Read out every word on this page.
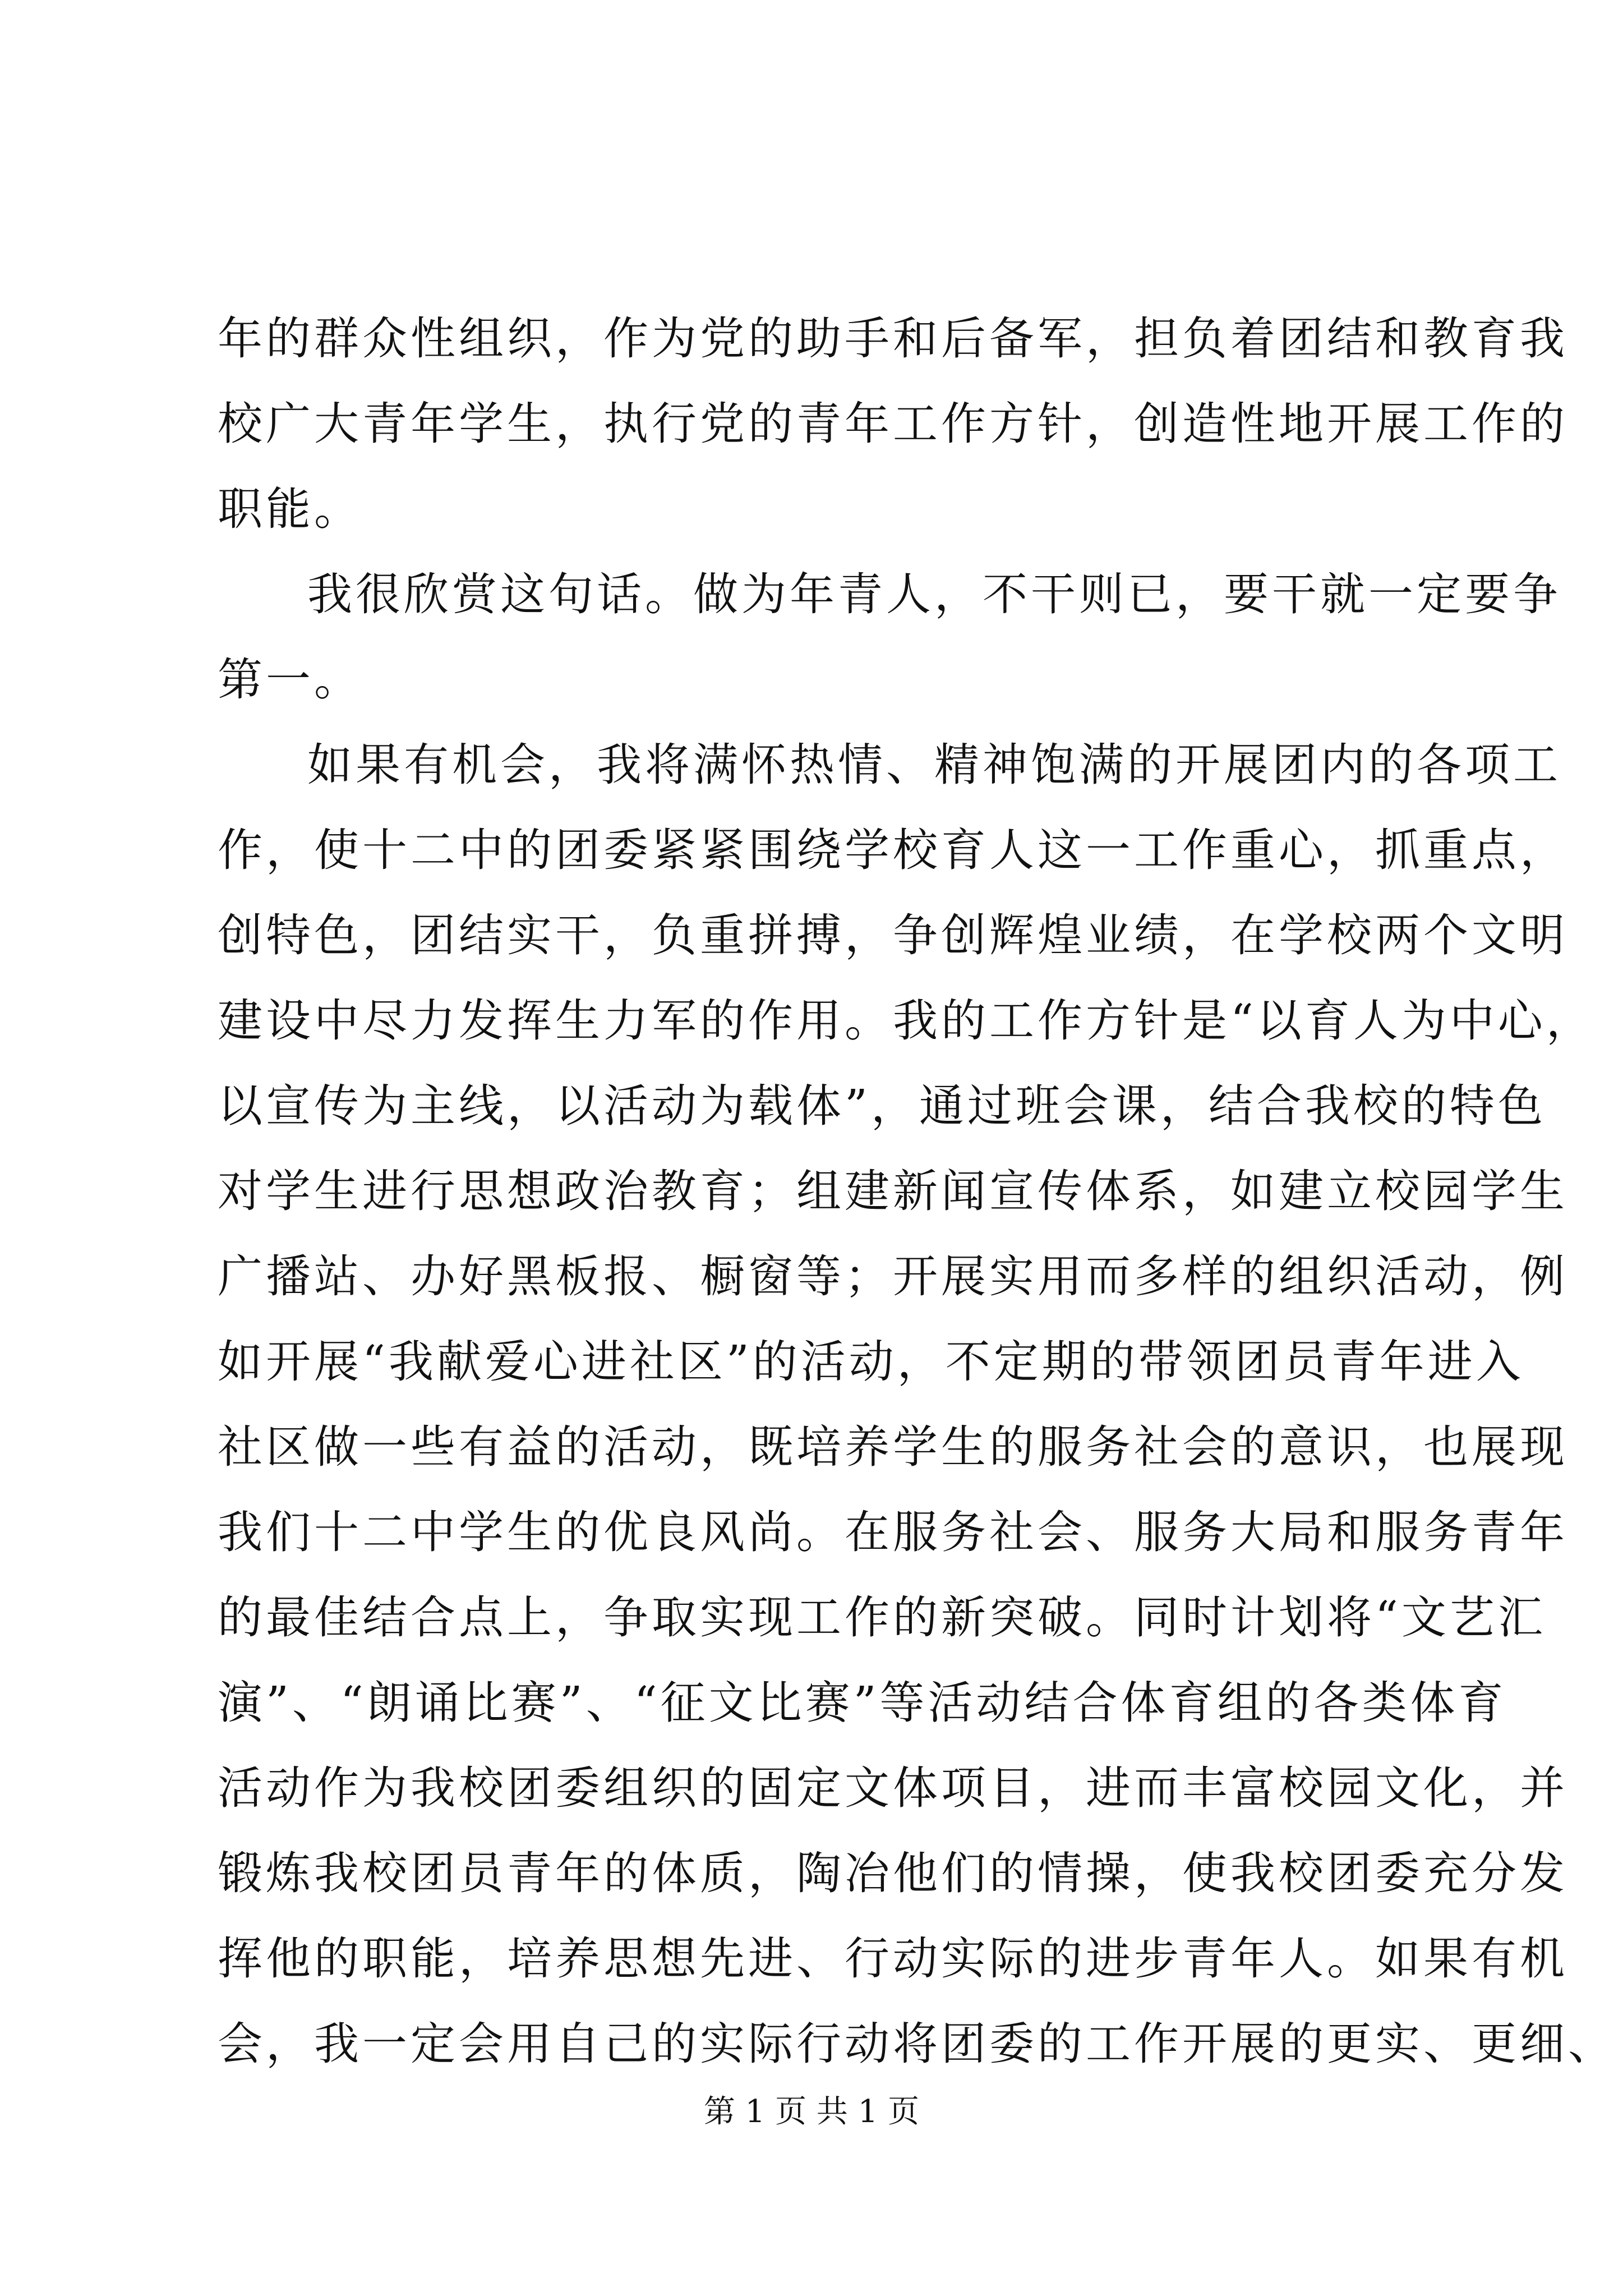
年的群众性组织，作为党的助手和后备军，担负着团结和教育我
校广大青年学生，执行党的青年工作方针，创造性地开展工作的
职能。
我很欣赏这句话。做为年青人，不干则已，要干就一定要争
第一。
如果有机会，我将满怀热情、精神饱满的开展团内的各项工
作，使十二中的团委紧紧围绕学校育人这一工作重心，抓重点，
创特色，团结实干，负重拼搏，争创辉煌业绩，在学校两个文明
建设中尽力发挥生力军的作用。我的工作方针是“以育人为中心，
以宣传为主线，以活动为载体”，通过班会课，结合我校的特色
对学生进行思想政治教育；组建新闻宣传体系，如建立校园学生
广播站、办好黑板报、橱窗等；开展实用而多样的组织活动，例
如开展“我献爱心进社区”的活动，不定期的带领团员青年进入
社区做一些有益的活动，既培养学生的服务社会的意识，也展现
我们十二中学生的优良风尚。在服务社会、服务大局和服务青年
的最佳结合点上，争取实现工作的新突破。同时计划将“文艺汇
演”、“朗诵比赛”、“征文比赛”等活动结合体育组的各类体育
活动作为我校团委组织的固定文体项目，进而丰富校园文化，并
锻炼我校团员青年的体质，陶冶他们的情操，使我校团委充分发
挥他的职能，培养思想先进、行动实际的进步青年人。如果有机
会，我一定会用自己的实际行动将团委的工作开展的更实、更细、
第 1 页 共 1 页
